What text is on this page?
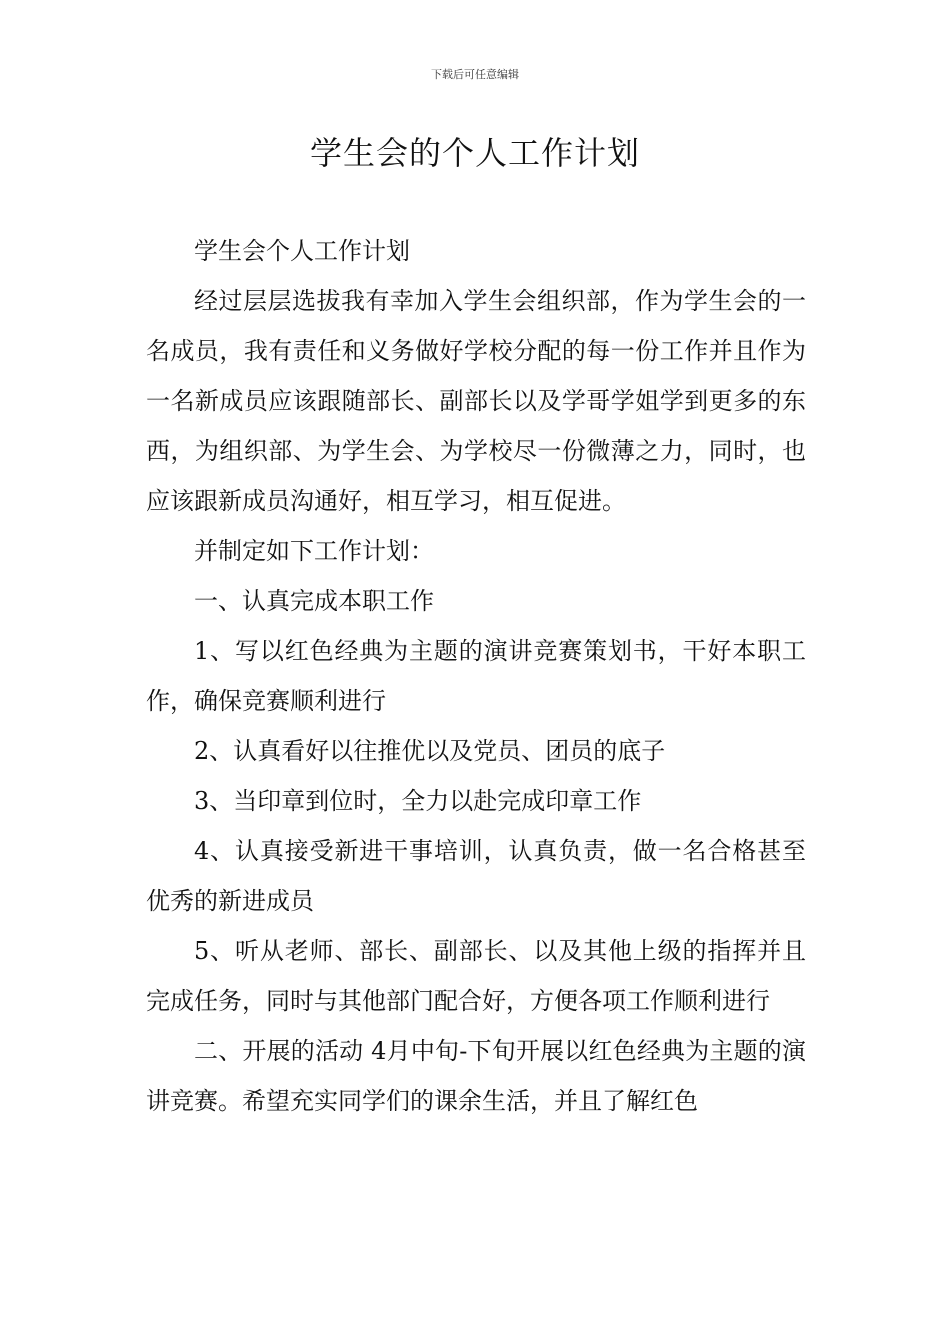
下载后可任意编辑
学生会的个人工作计划

学生会个人工作计划

经过层层选拔我有幸加入学生会组织部，作为学生会的一名成员，我有责任和义务做好学校分配的每一份工作并且作为一名新成员应该跟随部长、副部长以及学哥学姐学到更多的东西，为组织部、为学生会、为学校尽一份微薄之力，同时，也应该跟新成员沟通好，相互学习，相互促进。

并制定如下工作计划：

一、认真完成本职工作

1、写以红色经典为主题的演讲竞赛策划书，干好本职工作，确保竞赛顺利进行

2、认真看好以往推优以及党员、团员的底子

3、当印章到位时，全力以赴完成印章工作

4、认真接受新进干事培训，认真负责，做一名合格甚至优秀的新进成员

5、听从老师、部长、副部长、以及其他上级的指挥并且完成任务，同时与其他部门配合好，方便各项工作顺利进行

二、开展的活动 4月中旬-下旬开展以红色经典为主题的演讲竞赛。希望充实同学们的课余生活，并且了解红色
